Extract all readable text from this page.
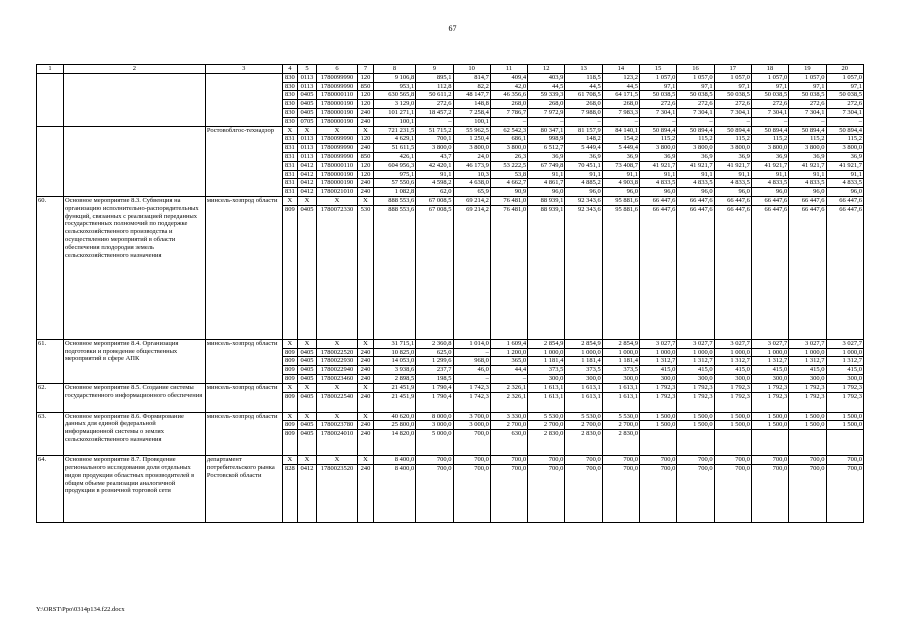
67
1	2	3	4	5	6	7	8	9	10	11	12	13	14	15	16	17	18	19	20
			830	0113	1780099990	120	9 106,8	895,1	814,7	409,4	403,9	118,5	123,2	1 057,0	1 057,0	1 057,0	1 057,0	1 057,0	1 057,0
			830	0113	1780099990	850	953,1	112,8	82,2	42,0	44,5	44,5	44,5	97,1	97,1	97,1	97,1	97,1	97,1
			830	0405	1780000110	120	630 565,8	50 611,2	48 147,7	46 356,6	59 339,3	61 708,5	64 171,5	50 038,5	50 038,5	50 038,5	50 038,5	50 038,5	50 038,5
			830	0405	1780000190	120	3 129,0	272,6	148,8	268,0	268,0	268,0	268,0	272,6	272,6	272,6	272,6	272,6	272,6
			830	0405	1780000190	240	101 271,1	18 457,2	7 258,4	7 786,7	7 972,9	7 988,0	7 983,3	7 304,1	7 304,1	7 304,1	7 304,1	7 304,1	7 304,1
			830	0705	1780000190	240	100,1	–	100,1	–	–	–	–	–	–	–	–	–	–
		Ростовоблгос-технадзор	X	X	X	X	721 231,5	51 715,2	55 962,5	62 542,3	80 347,1	81 157,9	84 140,1	50 894,4	50 894,4	50 894,4	50 894,4	50 894,4	50 894,4
			831	0113	1780099990	120	4 629,1	700,1	1 250,4	686,1	998,9	148,2	154,2	115,2	115,2	115,2	115,2	115,2	115,2
			831	0113	1780099990	240	51 611,5	3 800,0	3 800,0	3 800,0	6 512,7	5 449,4	5 449,4	3 800,0	3 800,0	3 800,0	3 800,0	3 800,0	3 800,0
			831	0113	1780099990	850	426,1	43,7	24,0	26,3	36,9	36,9	36,9	36,9	36,9	36,9	36,9	36,9	36,9
			831	0412	1780000110	120	604 956,3	42 420,1	46 173,9	53 222,5	67 749,8	70 451,1	73 408,7	41 921,7	41 921,7	41 921,7	41 921,7	41 921,7	41 921,7
			831	0412	1780000190	120	975,1	91,1	10,3	53,8	91,1	91,1	91,1	91,1	91,1	91,1	91,1	91,1	91,1
			831	0412	1780000190	240	57 550,6	4 598,2	4 638,0	4 662,7	4 861,7	4 885,2	4 903,8	4 833,5	4 833,5	4 833,5	4 833,5	4 833,5	4 833,5
			831	0412	1780021010	240	1 082,8	62,0	65,9	90,9	96,0	96,0	96,0	96,0	96,0	96,0	96,0	96,0	96,0
60.	Основное мероприятие 8.3. Субвенция на организацию исполнительно-распорядительных функций, связанных с реализацией переданных государственных полномочий по поддержке сельскохозяйственного производства и осуществлению мероприятий в области обеспечения плодородия земель сельскохозяйственного назначения	минсель-хозпрод области	X	X	X	X	888 553,6	67 008,5	69 214,2	76 481,0	88 939,1	92 343,6	95 881,6	66 447,6	66 447,6	66 447,6	66 447,6	66 447,6	66 447,6
			809	0405	1780072330	530	888 553,6	67 008,5	69 214,2	76 481,0	88 939,1	92 343,6	95 881,6	66 447,6	66 447,6	66 447,6	66 447,6	66 447,6	66 447,6
61.	Основное мероприятие 8.4. Организация подготовки и проведение общественных мероприятий в сфере АПК	минсель-хозпрод области	X	X	X	X	31 715,1	2 360,8	1 014,0	1 609,4	2 854,9	2 854,9	2 854,9	3 027,7	3 027,7	3 027,7	3 027,7	3 027,7	3 027,7
			809	0405	1780022520	240	10 825,0	625,0	–	1 200,0	1 000,0	1 000,0	1 000,0	1 000,0	1 000,0	1 000,0	1 000,0	1 000,0	1 000,0
			809	0405	1780022930	240	14 053,0	1 299,6	968,0	365,0	1 181,4	1 181,4	1 181,4	1 312,7	1 312,7	1 312,7	1 312,7	1 312,7	1 312,7
			809	0405	1780022940	240	3 938,6	237,7	46,0	44,4	373,5	373,5	373,5	415,0	415,0	415,0	415,0	415,0	415,0
			809	0405	1780023460	240	2 898,5	198,5	–	–	300,0	300,0	300,0	300,0	300,0	300,0	300,0	300,0	300,0
62.	Основное мероприятие 8.5. Создание системы государственного информационного обеспечения	минсель-хозпрод области	X	X	X	X	21 451,9	1 790,4	1 742,3	2 326,1	1 613,1	1 613,1	1 613,1	1 792,3	1 792,3	1 792,3	1 792,3	1 792,3	1 792,3
			809	0405	1780022540	240	21 451,9	1 790,4	1 742,3	2 326,1	1 613,1	1 613,1	1 613,1	1 792,3	1 792,3	1 792,3	1 792,3	1 792,3	1 792,3
63.	Основное мероприятие 8.6. Формирование данных для единой федеральной информационной системы о землях сельскохозяйственного назначения	минсель-хозпрод области	X	X	X	X	40 620,0	8 000,0	3 700,0	3 330,0	5 530,0	5 530,0	5 530,0	1 500,0	1 500,0	1 500,0	1 500,0	1 500,0	1 500,0
			809	0405	1780023780	240	25 800,0	3 000,0	3 000,0	2 700,0	2 700,0	2 700,0	2 700,0	1 500,0	1 500,0	1 500,0	1 500,0	1 500,0	1 500,0
			809	0405	1780024010	240	14 820,0	5 000,0	700,0	630,0	2 830,0	2 830,0	2 830,0						
64.	Основное мероприятие 8.7. Проведение регионального исследования доли отдельных видов продукции областных производителей в общем объеме реализации аналогичной продукции в розничной торговой сети	департамент потребительского рынка Ростовской области	X	X	X	X	8 400,0	700,0	700,0	700,0	700,0	700,0	700,0	700,0	700,0	700,0	700,0	700,0	700,0
			828	0412	1780023520	240	8 400,0	700,0	700,0	700,0	700,0	700,0	700,0	700,0	700,0	700,0	700,0	700,0	700,0
Y:\ORST\Ppo\0314p134.f22.docx
